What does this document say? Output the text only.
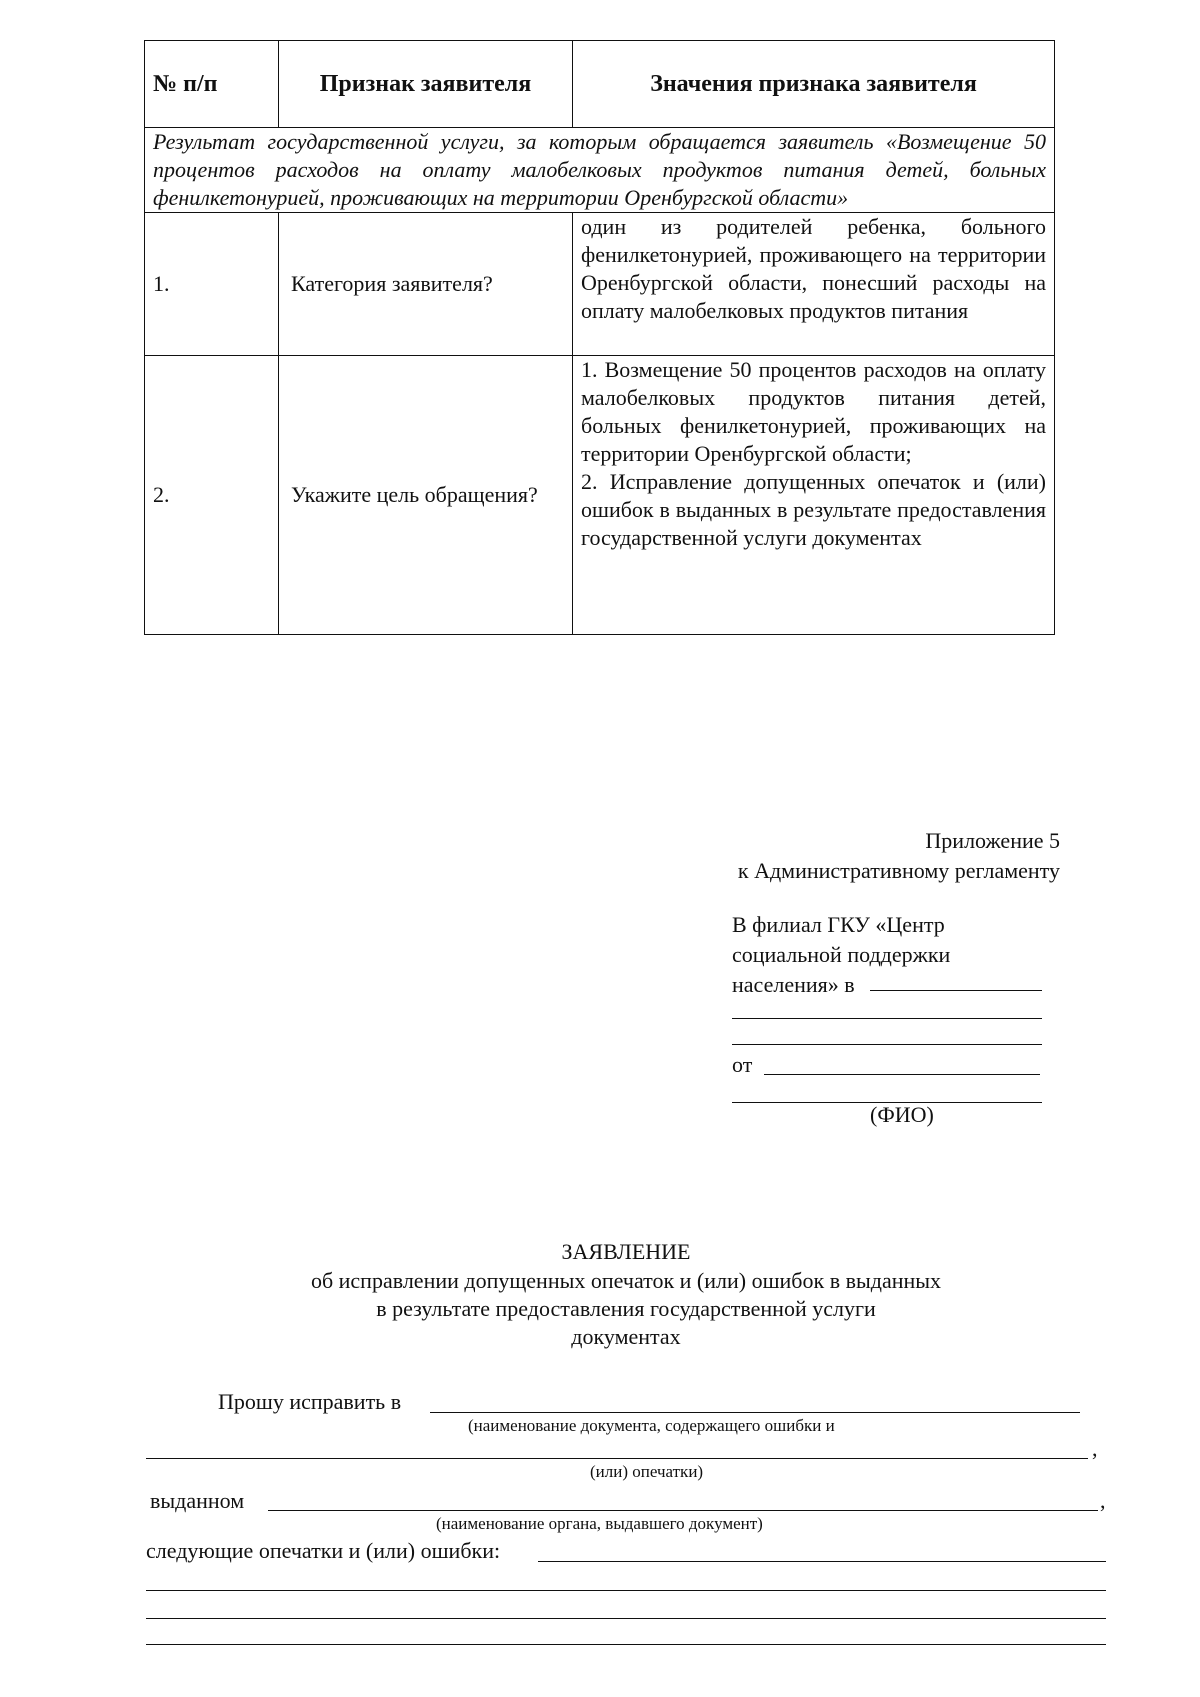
№ п/п	Признак заявителя	Значения признака заявителя
Результат государственной услуги, за которым обращается заявитель «Возмещение 50 процентов расходов на оплату малобелковых продуктов питания детей, больных фенилкетонурией, проживающих на территории Оренбургской области»		
1.	Категория заявителя?	один из родителей ребенка, больного фенилкетонурией, проживающего на территории Оренбургской области, понесший расходы на оплату малобелковых продуктов питания
2.	Укажите цель обращения?	1. Возмещение 50 процентов расходов на оплату малобелковых продуктов питания детей, больных фенилкетонурией, проживающих на территории Оренбургской области;
2. Исправление допущенных опечаток и (или) ошибок в выданных в результате предоставления государственной услуги документах
Приложение 5
к Административному регламенту
В филиал ГКУ «Центр
социальной поддержки
населения» в
от
(ФИО)
ЗАЯВЛЕНИЕ
об исправлении допущенных опечаток и (или) ошибок в выданных
в результате предоставления государственной услуги
документах
Прошу исправить в
(наименование документа, содержащего ошибки и
,
(или) опечатки)
выданном	,
(наименование органа, выдавшего документ)
следующие опечатки и (или) ошибки:
